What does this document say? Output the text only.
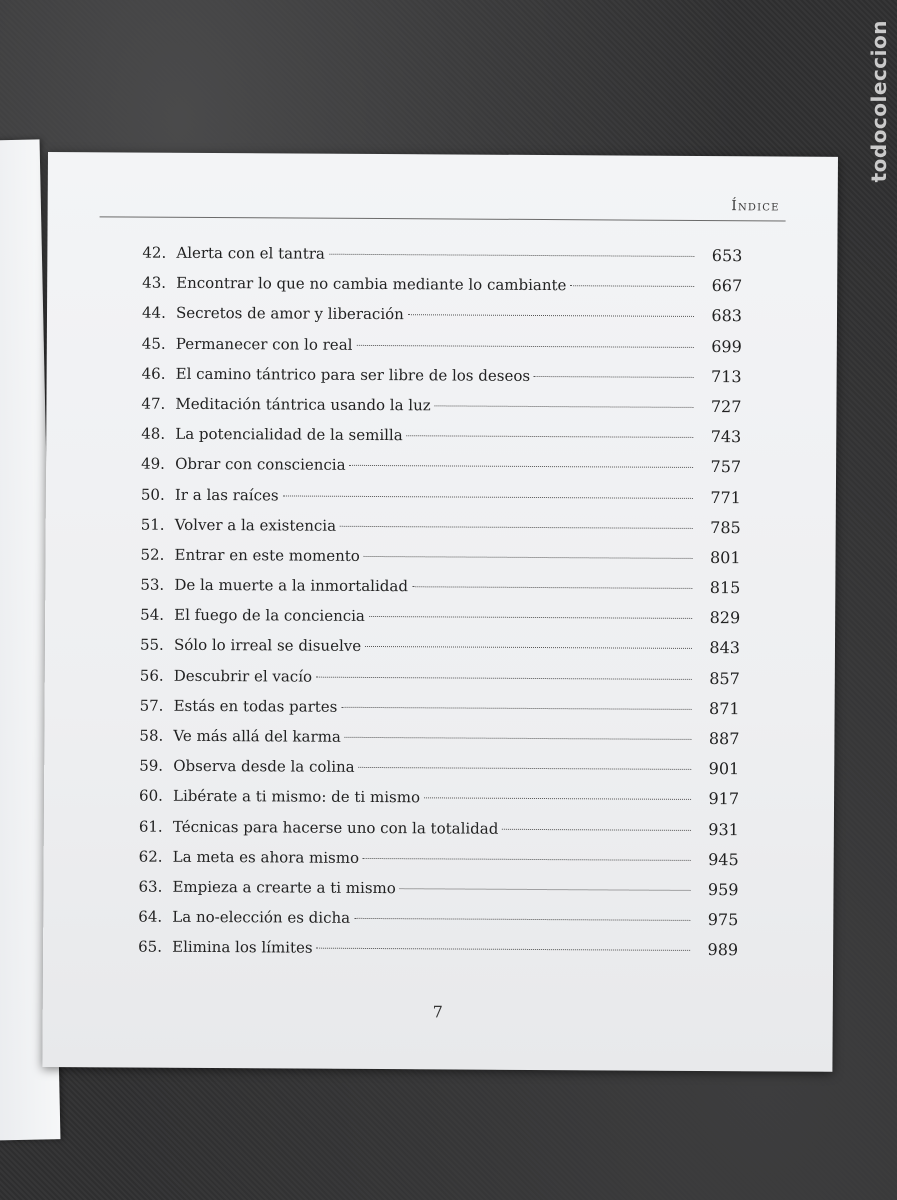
Índice
42. Alerta con el tantra	653
43. Encontrar lo que no cambia mediante lo cambiante	667
44. Secretos de amor y liberación	683
45. Permanecer con lo real	699
46. El camino tántrico para ser libre de los deseos	713
47. Meditación tántrica usando la luz	727
48. La potencialidad de la semilla	743
49. Obrar con consciencia	757
50. Ir a las raíces	771
51. Volver a la existencia	785
52. Entrar en este momento	801
53. De la muerte a la inmortalidad	815
54. El fuego de la conciencia	829
55. Sólo lo irreal se disuelve	843
56. Descubrir el vacío	857
57. Estás en todas partes	871
58. Ve más allá del karma	887
59. Observa desde la colina	901
60. Libérate a ti mismo: de ti mismo	917
61. Técnicas para hacerse uno con la totalidad	931
62. La meta es ahora mismo	945
63. Empieza a crearte a ti mismo	959
64. La no-elección es dicha	975
65. Elimina los límites	989
7
todocoleccion
